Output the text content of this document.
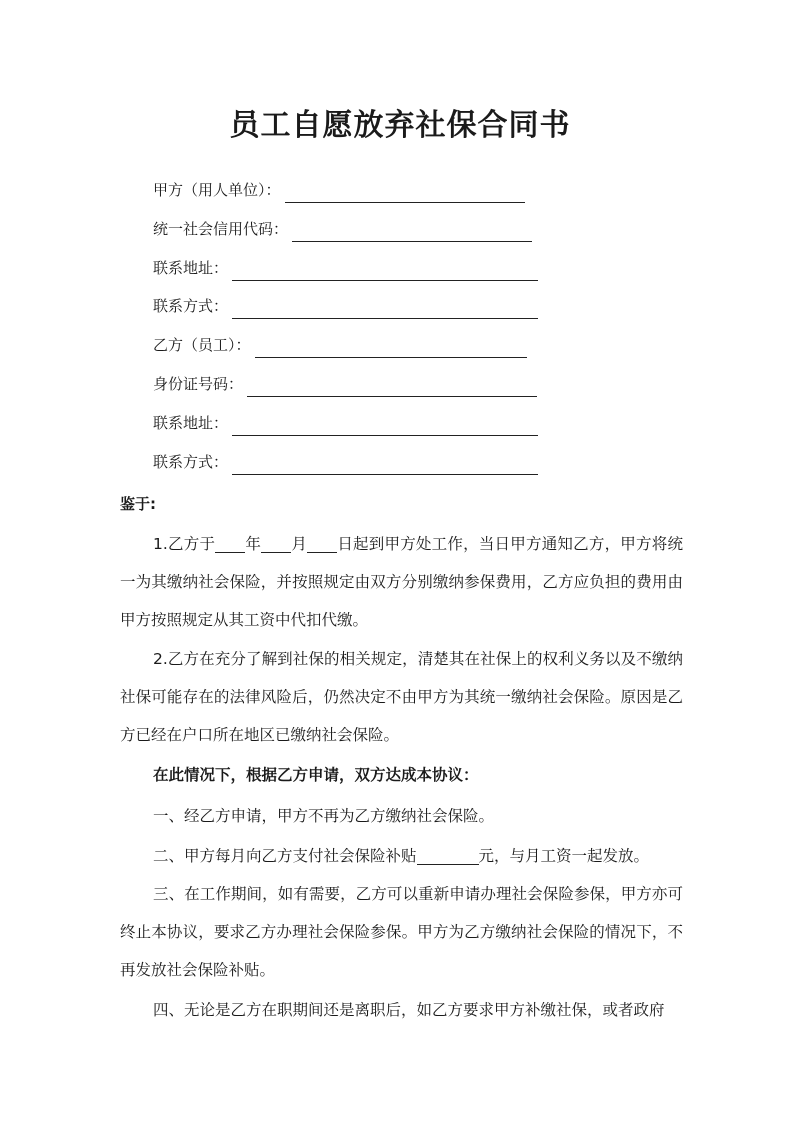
员工自愿放弃社保合同书
甲方（用人单位）：
统一社会信用代码：
联系地址：
联系方式：
乙方（员工）：
身份证号码：
联系地址：
联系方式：
鉴于:

1.乙方于 年 月 日起到甲方处工作，当日甲方通知乙方，甲方将统一为其缴纳社会保险，并按照规定由双方分别缴纳参保费用，乙方应负担的费用由甲方按照规定从其工资中代扣代缴。

2.乙方在充分了解到社保的相关规定，清楚其在社保上的权利义务以及不缴纳社保可能存在的法律风险后，仍然决定不由甲方为其统一缴纳社会保险。原因是乙方已经在户口所在地区已缴纳社会保险。

在此情况下，根据乙方申请，双方达成本协议：

一、经乙方申请，甲方不再为乙方缴纳社会保险。

二、甲方每月向乙方支付社会保险补贴	元，与月工资一起发放。

三、在工作期间，如有需要，乙方可以重新申请办理社会保险参保，甲方亦可终止本协议，要求乙方办理社会保险参保。甲方为乙方缴纳社会保险的情况下，不再发放社会保险补贴。

四、无论是乙方在职期间还是离职后，如乙方要求甲方补缴社保，或者政府
